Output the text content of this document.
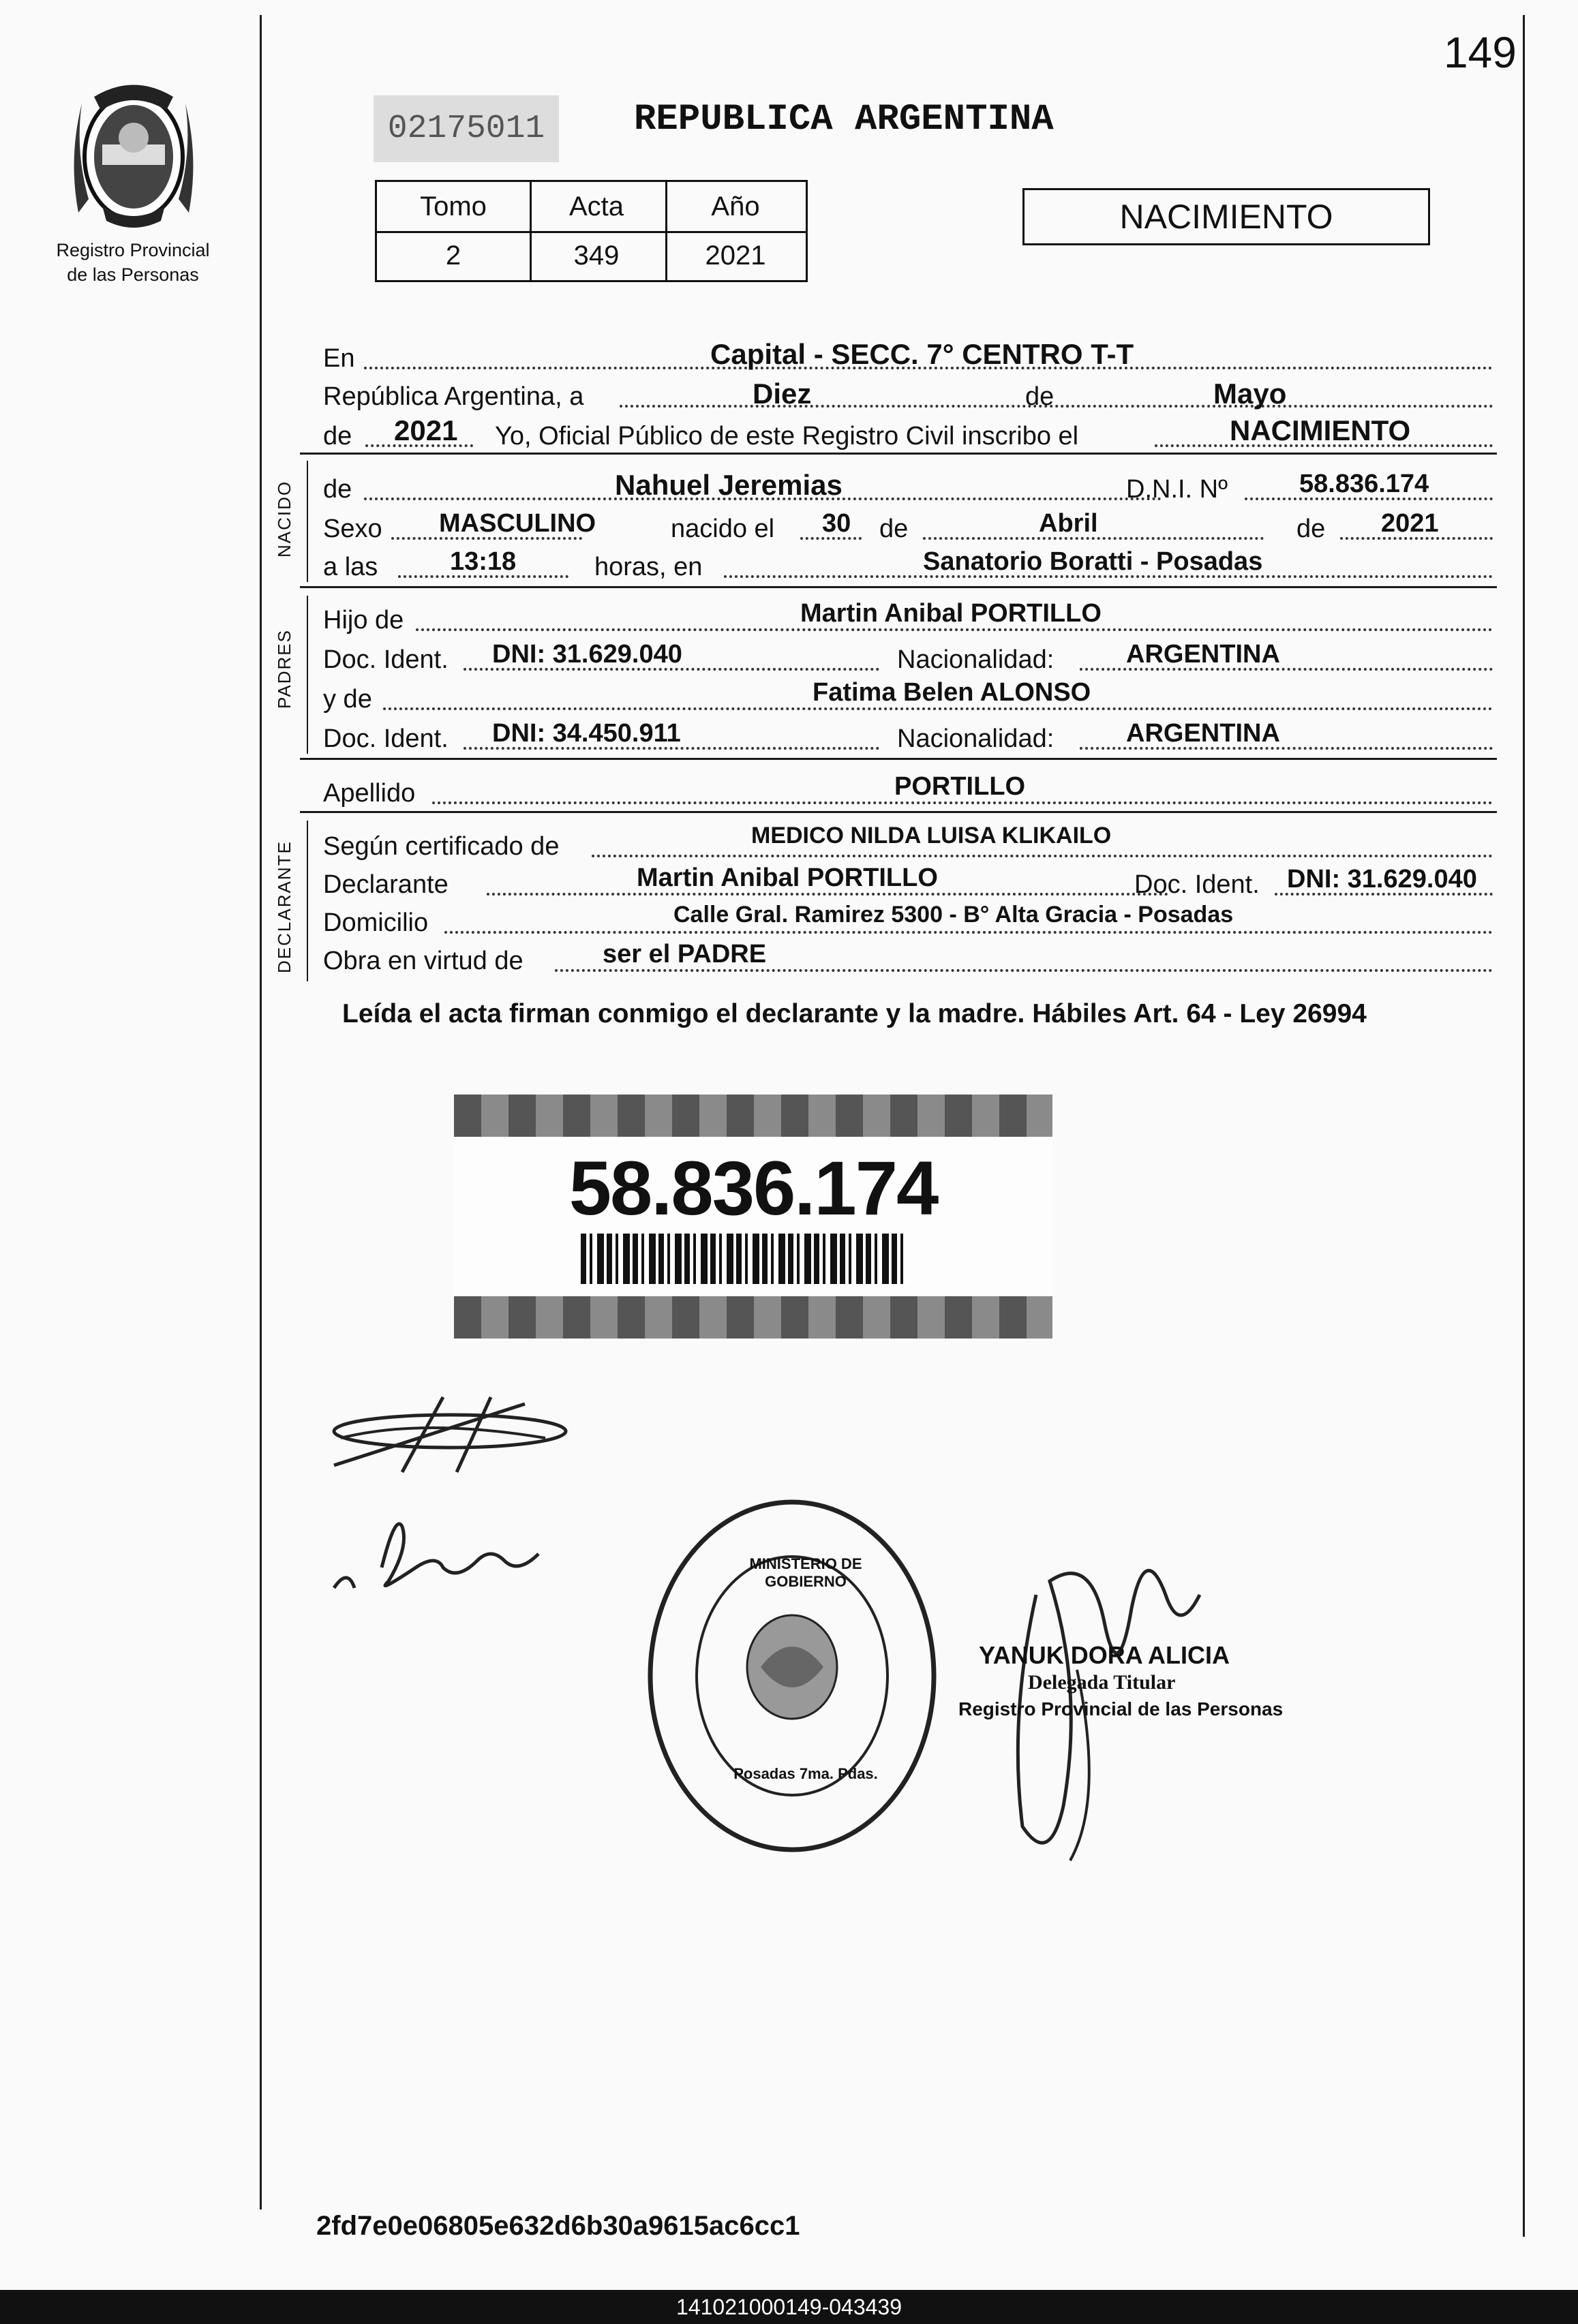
149
Registro Provincial
de las Personas
02175011	REPUBLICA ARGENTINA
Tomo	Acta	Año
2	349	2021
NACIMIENTO
En	Capital - SECC. 7° CENTRO T-T
República Argentina, a	Diez	de	Mayo
de 2021 Yo, Oficial Público de este Registro Civil inscribo el	NACIMIENTO
NACIDO de	Nahuel Jeremias	D.N.I. Nº	58.836.174
Sexo MASCULINO	nacido el 30 de	Abril	de 2021
a las	13:18	horas, en	Sanatorio Boratti - Posadas
PADRES
Hijo de	Martin Anibal PORTILLO
Doc. Ident. DNI: 31.629.040	Nacionalidad:	ARGENTINA
y de	Fatima Belen ALONSO
Doc. Ident. DNI: 34.450.911	Nacionalidad:	ARGENTINA
Apellido	PORTILLO
DECLARANTE Según certificado de	MEDICO NILDA LUISA KLIKAILO
Declarante	Martin Anibal PORTILLO	Doc. Ident. DNI: 31.629.040
Domicilio	Calle Gral. Ramirez 5300 - B° Alta Gracia - Posadas
Obra en virtud de	ser el PADRE
Leída el acta firman conmigo el declarante y la madre. Hábiles Art. 64 - Ley 26994
58.836.174
MINISTERIO DE GOBIERNO
Posadas 7ma. Pdas.
YANUK DORA ALICIA
Delegada Titular
Registro Provincial de las Personas
2fd7e0e06805e632d6b30a9615ac6cc1
141021000149-043439
